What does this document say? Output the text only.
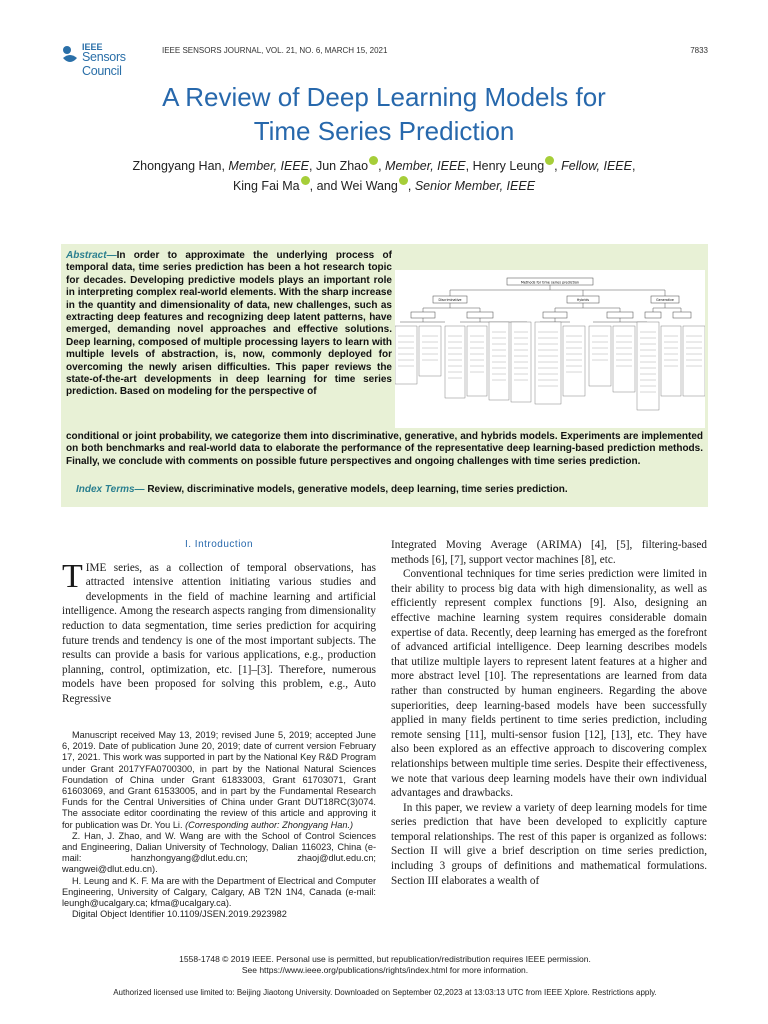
IEEE
Sensors Council
IEEE SENSORS JOURNAL, VOL. 21, NO. 6, MARCH 15, 2021	7833
A Review of Deep Learning Models for
Time Series Prediction
Zhongyang Han, Member, IEEE, Jun Zhao , Member, IEEE, Henry Leung , Fellow, IEEE,
King Fai Ma , and Wei Wang , Senior Member, IEEE
Abstract—In order to approximate the underlying process of temporal data, time series prediction has been a hot research topic for decades. Developing predictive models plays an important role in interpreting complex real-world elements. With the sharp increase in the quantity and dimensionality of data, new challenges, such as extracting deep features and recognizing deep latent patterns, have emerged, demanding novel approaches and effective solutions. Deep learning, composed of multiple processing layers to learn with multiple levels of abstraction, is, now, commonly deployed for overcoming the newly arisen difficulties. This paper reviews the state-of-the-art developments in deep learning for time series prediction. Based on modeling for the perspective of
Methods for time series prediction
Discriminative	Hybrids	Generative
conditional or joint probability, we categorize them into discriminative, generative, and hybrids models. Experiments are implemented on both benchmarks and real-world data to elaborate the performance of the representative deep learning-based prediction methods. Finally, we conclude with comments on possible future perspectives and ongoing challenges with time series prediction.
Index Terms— Review, discriminative models, generative models, deep learning, time series prediction.
I. Introduction

TIME series, as a collection of temporal observations, has attracted intensive attention initiating various studies and developments in the field of machine learning and artificial intelligence. Among the research aspects ranging from dimensionality reduction to data segmentation, time series prediction for acquiring future trends and tendency is one of the most important subjects. The results can provide a basis for various applications, e.g., production planning, control, optimization, etc. [1]–[3]. Therefore, numerous models have been proposed for solving this problem, e.g., Auto Regressive

Manuscript received May 13, 2019; revised June 5, 2019; accepted June 6, 2019. Date of publication June 20, 2019; date of current version February 17, 2021. This work was supported in part by the National Key R&D Program under Grant 2017YFA0700300, in part by the National Natural Sciences Foundation of China under Grant 61833003, Grant 61703071, Grant 61603069, and Grant 61533005, and in part by the Fundamental Research Funds for the Central Universities of China under Grant DUT18RC(3)074. The associate editor coordinating the review of this article and approving it for publication was Dr. You Li. (Corresponding author: Zhongyang Han.)

Z. Han, J. Zhao, and W. Wang are with the School of Control Sciences and Engineering, Dalian University of Technology, Dalian 116023, China (e-mail: hanzhongyang@dlut.edu.cn; zhaoj@dlut.edu.cn; wangwei@dlut.edu.cn).

H. Leung and K. F. Ma are with the Department of Electrical and Computer Engineering, University of Calgary, Calgary, AB T2N 1N4, Canada (e-mail: leungh@ucalgary.ca; kfma@ucalgary.ca).

Digital Object Identifier 10.1109/JSEN.2019.2923982

Integrated Moving Average (ARIMA) [4], [5], filtering-based methods [6], [7], support vector machines [8], etc.

Conventional techniques for time series prediction were limited in their ability to process big data with high dimensionality, as well as efficiently represent complex functions [9]. Also, designing an effective machine learning system requires considerable domain expertise of data. Recently, deep learning has emerged as the forefront of advanced artificial intelligence. Deep learning describes models that utilize multiple layers to represent latent features at a higher and more abstract level [10]. The representations are learned from data rather than constructed by human engineers. Regarding the above superiorities, deep learning-based models have been successfully applied in many fields pertinent to time series prediction, including remote sensing [11], multi-sensor fusion [12], [13], etc. They have also been explored as an effective approach to discovering complex relationships between multiple time series. Despite their effectiveness, we note that various deep learning models have their own individual advantages and drawbacks.

In this paper, we review a variety of deep learning models for time series prediction that have been developed to explicitly capture temporal relationships. The rest of this paper is organized as follows: Section II will give a brief description on time series prediction, including 3 groups of definitions and mathematical formulations. Section III elaborates a wealth of

1558-1748 © 2019 IEEE. Personal use is permitted, but republication/redistribution requires IEEE permission.
See https://www.ieee.org/publications/rights/index.html for more information.
Authorized licensed use limited to: Beijing Jiaotong University. Downloaded on September 02,2023 at 13:03:13 UTC from IEEE Xplore. Restrictions apply.
